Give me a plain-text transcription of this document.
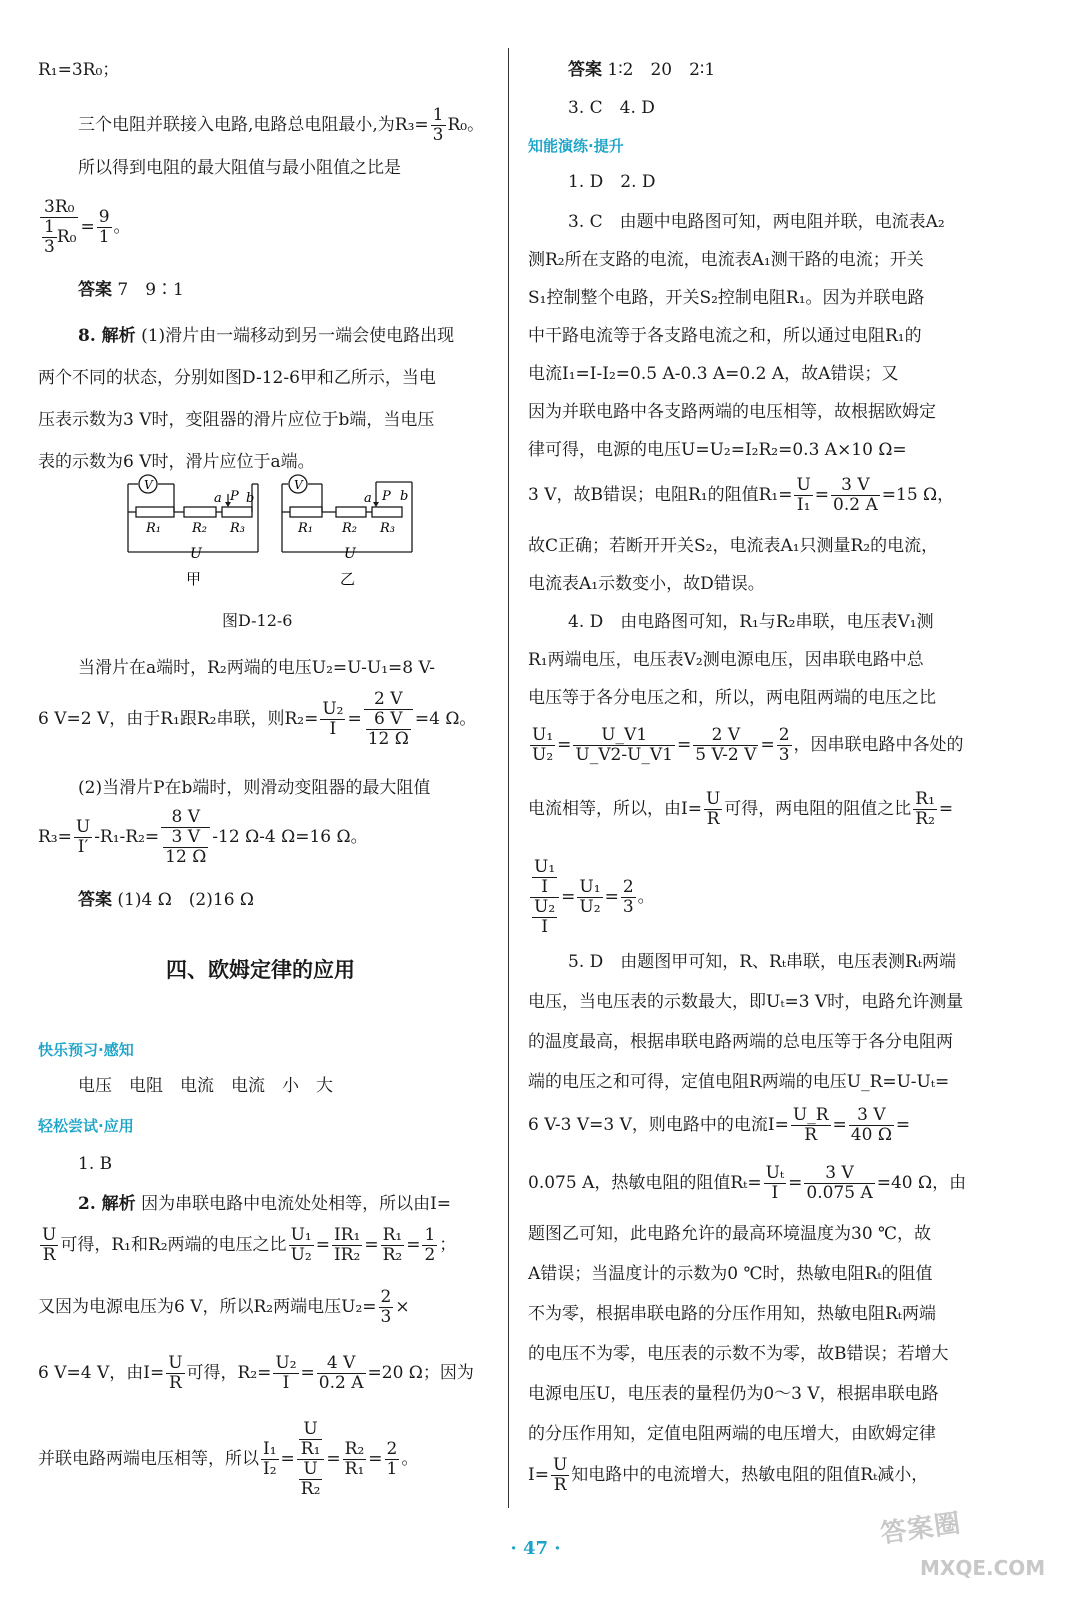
R₁=3R₀；
三个电阻并联接入电路,电路总电阻最小,为$R_3= \frac{1}{3} R_0$。
所以得到电阻的最大阻值与最小阻值之比是
$\frac{\text{3R₀}}{\frac{1}{3} R_0} = \frac{9}{1}$ 。
答案 7　9∶1
8. 解析 (1)滑片由一端移动到另一端会使电路出现
两个不同的状态，分别如图D-12-6甲和乙所示，当电
压表示数为3 V时，变阻器的滑片应位于b端，当电压
表的示数为6 V时，滑片应位于a端。
V
R₁ R₂ R₃
a P b
U
甲
V
R₁ R₂ R₃
a P b
U
乙
图D-12-6
当滑片在a端时，R₂两端的电压U₂=U-U₁=8 V-
6 V=2 V，由于R₁跟R₂串联，则$R_2= \frac{\text{U₂}}{I} = \frac{2 V}{\frac{6 V}{12 \Omega}} =4$ Ω。
(2)当滑片P在b端时，则滑动变阻器的最大阻值
$R_3= \frac{U}{I'} -R_1-R_2= \frac{8 V}{\frac{3 V}{12 \Omega}} -12$ Ω-4 Ω=16 Ω。
答案 (1)4 Ω　(2)16 Ω
四、欧姆定律的应用
快乐预习·感知
电压　电阻　电流　电流　小　大
轻松尝试·应用
1. B
2. 解析 因为串联电路中电流处处相等，所以由I=
$\frac{U}{R}$ 可得，R₁和R₂两端的电压之比 $\frac{\text{U₁}}{\text{U₂}} = \frac{\text{IR₁}}{\text{IR₂}} = \frac{\text{R₁}}{\text{R₂}} = \frac{1}{2}$ ；
又因为电源电压为6 V，所以R₂两端电压$U_2= \frac{2}{3}$ ×
6 V=4 V，由$I= \frac{U}{R}$ 可得，$R_2= \frac{\text{U₂}}{I} = \frac{4 V}{0.2 A} =20$ Ω；因为
并联电路两端电压相等，所以 $\frac{\text{I₁}}{\text{I₂}} = \frac{\frac{U}{\text{R₁}}}{\frac{U}{\text{R₂}}} = \frac{\text{R₂}}{\text{R₁}} = \frac{2}{1}$ 。
答案 1∶2　20　2∶1
3. C　4. D
知能演练·提升
1. D　2. D
3. C　由题中电路图可知，两电阻并联，电流表A₂
测R₂所在支路的电流，电流表A₁测干路的电流；开关
S₁控制整个电路，开关S₂控制电阻R₁。因为并联电路
中干路电流等于各支路电流之和，所以通过电阻R₁的
电流I₁=I-I₂=0.5 A-0.3 A=0.2 A，故A错误；又
因为并联电路中各支路两端的电压相等，故根据欧姆定
律可得，电源的电压U=U₂=I₂R₂=0.3 A×10 Ω=
3 V，故B错误；电阻R₁的阻值$R_1= \frac{U}{\text{I₁}} = \frac{3 V}{0.2 A} =15$ Ω，
故C正确；若断开开关S₂，电流表A₁只测量R₂的电流，
电流表A₁示数变小，故D错误。
4. D　由电路图可知，R₁与R₂串联，电压表V₁测
R₁两端电压，电压表V₂测电源电压，因串联电路中总
电压等于各分电压之和，所以，两电阻两端的电压之比
$\frac{\text{U₁}}{\text{U₂}} = \frac{U\_V1}{U\_V2-U\_V1} = \frac{2 V}{5 V-2 V} = \frac{2}{3}$ ，因串联电路中各处的
电流相等，所以，由$I= \frac{U}{R}$ 可得，两电阻的阻值之比 $\frac{\text{R₁}}{\text{R₂}}$ =
$\frac{\frac{\text{U₁}}{I}}{\frac{\text{U₂}}{I}} = \frac{\text{U₁}}{\text{U₂}} = \frac{2}{3}$ 。
5. D　由题图甲可知，R、Rₜ串联，电压表测Rₜ两端
电压，当电压表的示数最大，即Uₜ=3 V时，电路允许测量
的温度最高，根据串联电路两端的总电压等于各分电阻两
端的电压之和可得，定值电阻R两端的电压U_R=U-Uₜ=
6 V-3 V=3 V，则电路中的电流$I= \frac{U\_R}{R} = \frac{3 V}{40 \Omega}$ =
0.075 A，热敏电阻的阻值$R_t= \frac{\text{Uₜ}}{I} = \frac{3 V}{0.075 A} =40$ Ω，由
题图乙可知，此电路允许的最高环境温度为30 ℃，故
A错误；当温度计的示数为0 ℃时，热敏电阻Rₜ的阻值
不为零，根据串联电路的分压作用知，热敏电阻Rₜ两端
的电压不为零，电压表的示数不为零，故B错误；若增大
电源电压U，电压表的量程仍为0～3 V，根据串联电路
的分压作用知，定值电阻两端的电压增大，由欧姆定律
$I= \frac{U}{R}$ 知电路中的电流增大，热敏电阻的阻值Rₜ减小，
· 47 ·	答案圈
MXQE.COM
